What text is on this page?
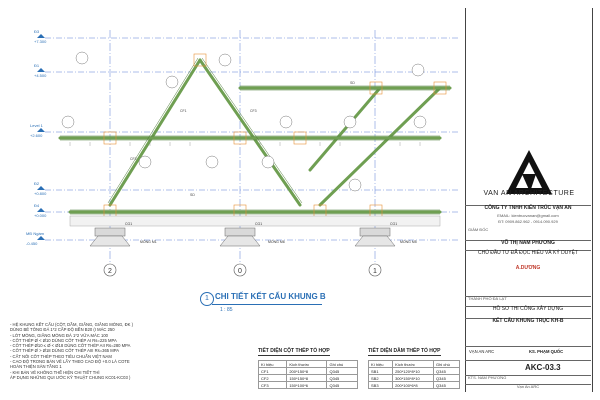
Đ3
+7.300
Đ1
+4.500
Level 1
+2.600
Đ2
+0.800
Đ4
+0.000
MĐ Ngầm
-0.450
CF1	CF3
CF2
SD
SD
CG1	CG1	CG1
MÓNG M1	MÓNG M6	MÓNG M5
2	0	1
1 CHI TIẾT KẾT CẤU KHUNG B
1 : 85
- HỆ KHUNG KẾT CẤU (CỘT, DẦM, GIẰNG, GIẰNG MÓNG, ĐK )
DÙNG BÊ TÔNG ĐÁ 1*2 CẤP ĐỘ BỀN B20 (I MÁC 250
- LÓT MÓNG, GIẰNG MÓNG ĐÁ 1*2 VỮA MÁC 100
- CỐT THÉP Ø < Ø10 DÙNG CỐT THÉP AI Rs=225 MPA
- CỐT THÉP Ø10 ≤ Ø < Ø18 DÙNG CỐT THÉP AII Rs=280 MPA
- CỐT THÉP Ø > Ø18 DÙNG CỐT THÉP AIII Rs=365 MPA
- CẮT NỐI CỐT THÉP THEO TIÊU CHUẨN VIỆT NAM
- CAO ĐỘ TRONG BẢN VẼ LẤY THEO CAO ĐỘ +0.0 LÀ COTE
HOÀN THIỆN SÀN TẦNG 1
- KHI BẢN VẼ KHÔNG THỂ HIỆN CHI TIẾT THÌ
ÁP DỤNG NHỮNG QUI ƯỚC KỸ THUẬT CHUNG KC01-KC03 )
TIẾT DIỆN CỘT THÉP TỔ HỢP
Kí hiệu	Kích thước	Ghi chú
CF1	200*150*8	Q345
CF2	150*150*8	Q345
CF3	150*100*6	Q345
TIẾT DIỆN DẦM THÉP TỔ HỢP
Kí hiệu	Kích thước	Ghi chú
SB1	250*120*8*10	Q345
SB2	300*150*8*10	Q345
SB3	200*100*6*8	Q345
VAN AN ARCHITECTURE
CÔNG TY TNHH KIẾN TRÚC VẠN AN
EMAIL: kientrucvanan@gmail.com
ĐT: 0909.862.962 - 0914.090.929
GIÁM ĐỐC
VÕ THỊ NAM PHƯƠNG
CHỦ ĐẦU TƯ ĐÃ ĐỌC HIỂU VÀ KÝ DUYỆT
A.DƯƠNG
THÀNH PHỐ ĐÀ LẠT
HỒ SƠ THI CÔNG XÂY DỰNG
KẾT CẤU KHUNG TRỤC KH-B
VẠN AN ARC	KS. PHẠM QUỐC
AKC-03.3
KTS. NAM PHƯƠNG
Vạn An ARC
